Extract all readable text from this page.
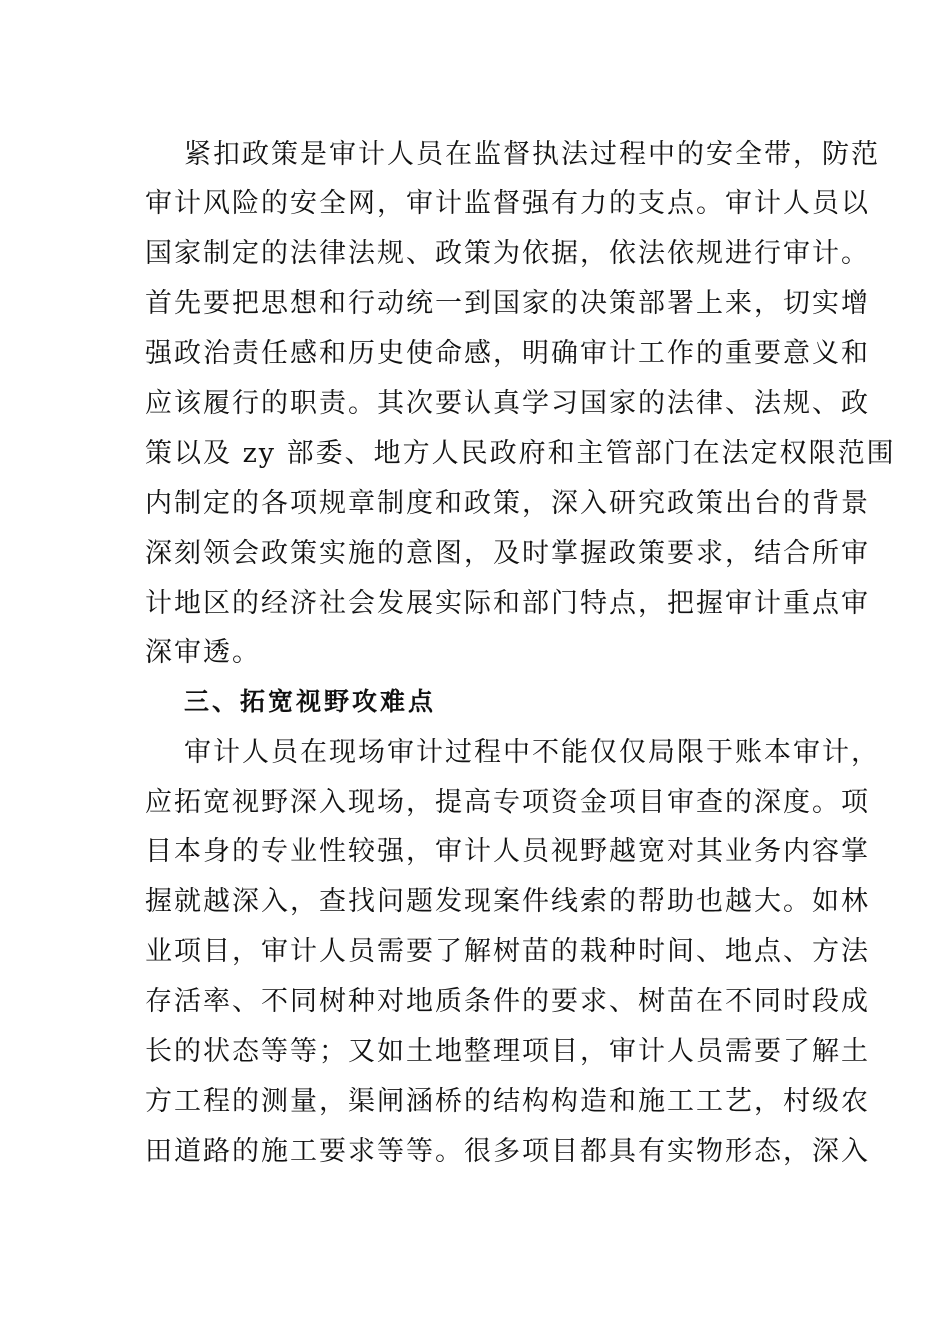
紧扣政策是审计人员在监督执法过程中的安全带，防范
审计风险的安全网，审计监督强有力的支点。审计人员以
国家制定的法律法规、政策为依据，依法依规进行审计。
首先要把思想和行动统一到国家的决策部署上来，切实增
强政治责任感和历史使命感，明确审计工作的重要意义和
应该履行的职责。其次要认真学习国家的法律、法规、政
策以及 zy 部委、地方人民政府和主管部门在法定权限范围
内制定的各项规章制度和政策，深入研究政策出台的背景
深刻领会政策实施的意图，及时掌握政策要求，结合所审
计地区的经济社会发展实际和部门特点，把握审计重点审
深审透。
三、拓宽视野攻难点
审计人员在现场审计过程中不能仅仅局限于账本审计，
应拓宽视野深入现场，提高专项资金项目审查的深度。项
目本身的专业性较强，审计人员视野越宽对其业务内容掌
握就越深入，查找问题发现案件线索的帮助也越大。如林
业项目，审计人员需要了解树苗的栽种时间、地点、方法
存活率、不同树种对地质条件的要求、树苗在不同时段成
长的状态等等；又如土地整理项目，审计人员需要了解土
方工程的测量，渠闸涵桥的结构构造和施工工艺，村级农
田道路的施工要求等等。很多项目都具有实物形态，深入
